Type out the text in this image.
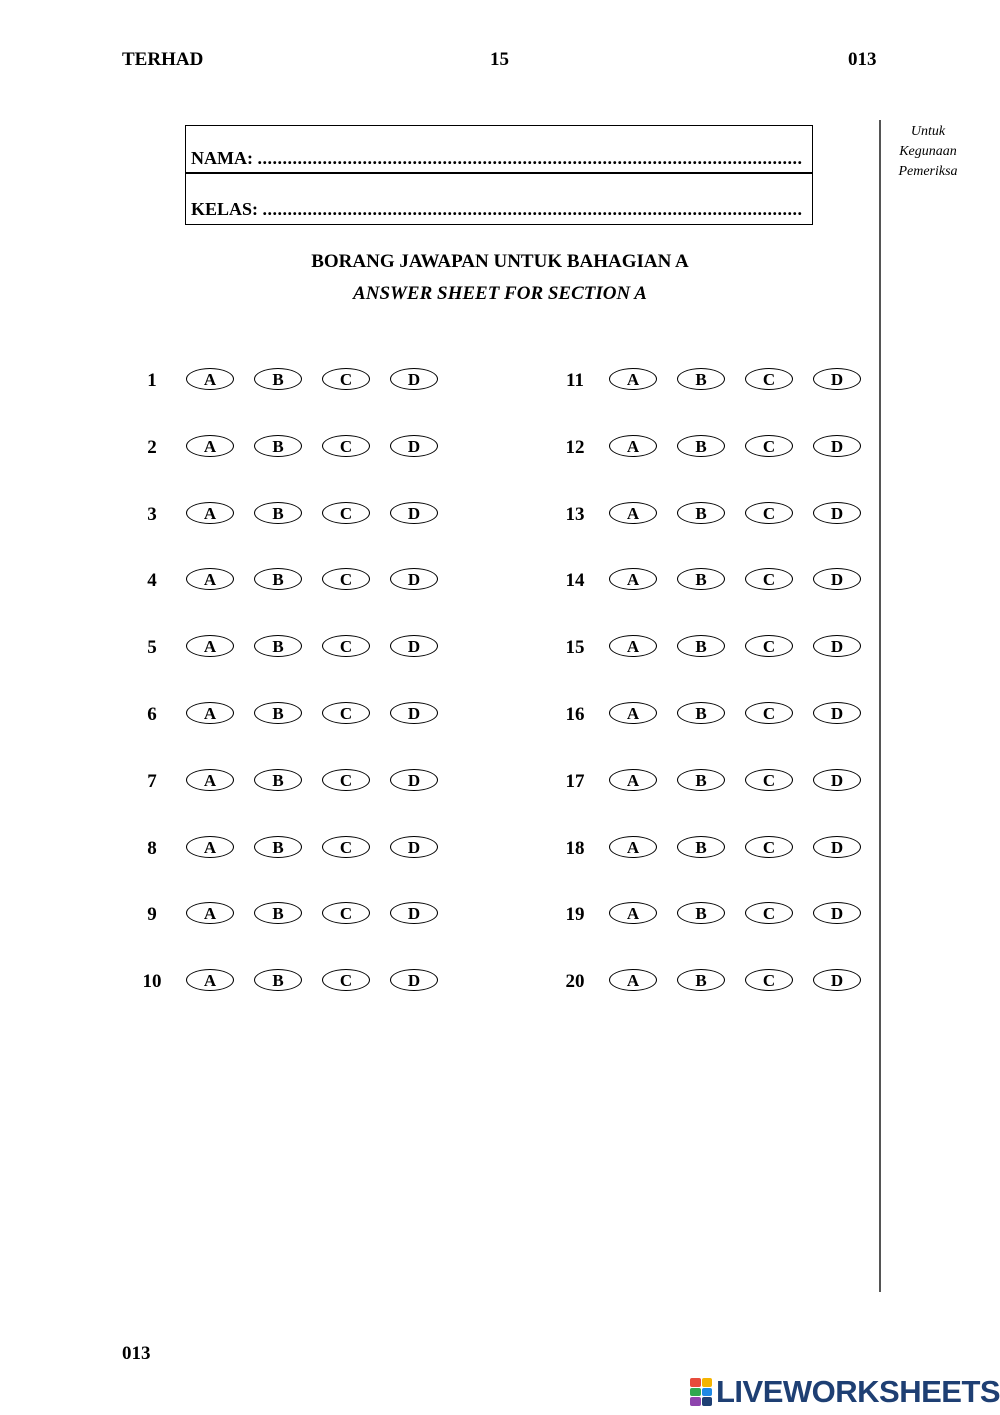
TERHAD	15	013
Untuk
Kegunaan
Pemeriksa
NAMA: .............................................................................................................
KELAS: ............................................................................................................
BORANG JAWAPAN UNTUK BAHAGIAN A
ANSWER SHEET FOR SECTION A
1	A	B	C	D
2	A	B	C	D
3	A	B	C	D
4	A	B	C	D
5	A	B	C	D
6	A	B	C	D
7	A	B	C	D
8	A	B	C	D
9	A	B	C	D
10	A	B	C	D
11	A	B	C	D
12	A	B	C	D
13	A	B	C	D
14	A	B	C	D
15	A	B	C	D
16	A	B	C	D
17	A	B	C	D
18	A	B	C	D
19	A	B	C	D
20	A	B	C	D
013
LIVEWORKSHEETS
